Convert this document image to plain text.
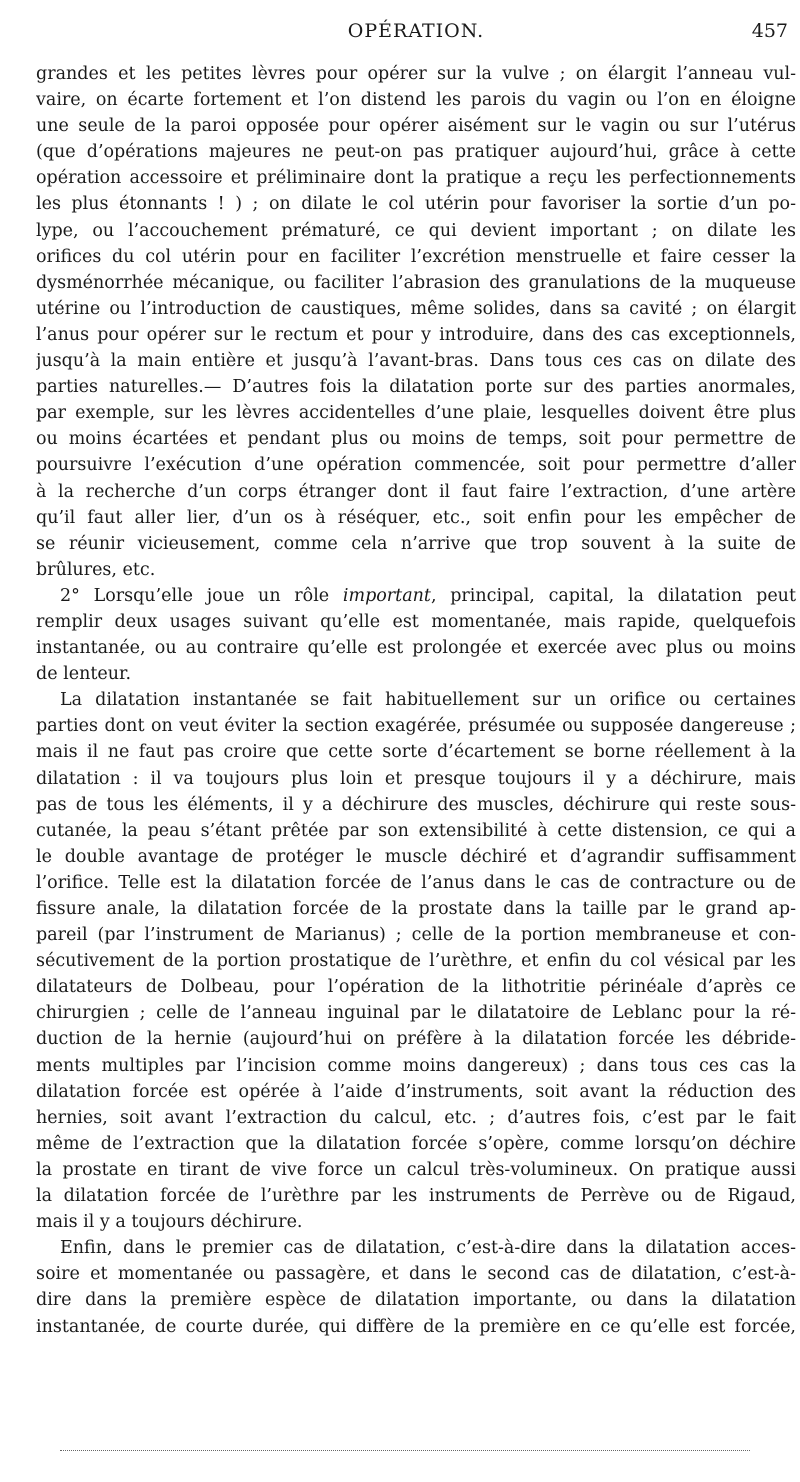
OPÉRATION.	457
grandes et les petites lèvres pour opérer sur la vulve ; on élargit l’anneau vul-
vaire, on écarte fortement et l’on distend les parois du vagin ou l’on en éloigne
une seule de la paroi opposée pour opérer aisément sur le vagin ou sur l’utérus
(que d’opérations majeures ne peut-on pas pratiquer aujourd’hui, grâce à cette
opération accessoire et préliminaire dont la pratique a reçu les perfectionnements
les plus étonnants ! ) ; on dilate le col utérin pour favoriser la sortie d’un po-
lype, ou l’accouchement prématuré, ce qui devient important ; on dilate les
orifices du col utérin pour en faciliter l’excrétion menstruelle et faire cesser la
dysménorrhée mécanique, ou faciliter l’abrasion des granulations de la muqueuse
utérine ou l’introduction de caustiques, même solides, dans sa cavité ; on élargit
l’anus pour opérer sur le rectum et pour y introduire, dans des cas exceptionnels,
jusqu’à la main entière et jusqu’à l’avant-bras. Dans tous ces cas on dilate des
parties naturelles.— D’autres fois la dilatation porte sur des parties anormales,
par exemple, sur les lèvres accidentelles d’une plaie, lesquelles doivent être plus
ou moins écartées et pendant plus ou moins de temps, soit pour permettre de
poursuivre l’exécution d’une opération commencée, soit pour permettre d’aller
à la recherche d’un corps étranger dont il faut faire l’extraction, d’une artère
qu’il faut aller lier, d’un os à réséquer, etc., soit enfin pour les empêcher de
se réunir vicieusement, comme cela n’arrive que trop souvent à la suite de
brûlures, etc.
2° Lorsqu’elle joue un rôle important, principal, capital, la dilatation peut
remplir deux usages suivant qu’elle est momentanée, mais rapide, quelquefois
instantanée, ou au contraire qu’elle est prolongée et exercée avec plus ou moins
de lenteur.
La dilatation instantanée se fait habituellement sur un orifice ou certaines
parties dont on veut éviter la section exagérée, présumée ou supposée dangereuse ;
mais il ne faut pas croire que cette sorte d’écartement se borne réellement à la
dilatation : il va toujours plus loin et presque toujours il y a déchirure, mais
pas de tous les éléments, il y a déchirure des muscles, déchirure qui reste sous-
cutanée, la peau s’étant prêtée par son extensibilité à cette distension, ce qui a
le double avantage de protéger le muscle déchiré et d’agrandir suffisamment
l’orifice. Telle est la dilatation forcée de l’anus dans le cas de contracture ou de
fissure anale, la dilatation forcée de la prostate dans la taille par le grand ap-
pareil (par l’instrument de Marianus) ; celle de la portion membraneuse et con-
sécutivement de la portion prostatique de l’urèthre, et enfin du col vésical par les
dilatateurs de Dolbeau, pour l’opération de la lithotritie périnéale d’après ce
chirurgien ; celle de l’anneau inguinal par le dilatatoire de Leblanc pour la ré-
duction de la hernie (aujourd’hui on préfère à la dilatation forcée les débride-
ments multiples par l’incision comme moins dangereux) ; dans tous ces cas la
dilatation forcée est opérée à l’aide d’instruments, soit avant la réduction des
hernies, soit avant l’extraction du calcul, etc. ; d’autres fois, c’est par le fait
même de l’extraction que la dilatation forcée s’opère, comme lorsqu’on déchire
la prostate en tirant de vive force un calcul très-volumineux. On pratique aussi
la dilatation forcée de l’urèthre par les instruments de Perrève ou de Rigaud,
mais il y a toujours déchirure.
Enfin, dans le premier cas de dilatation, c’est-à-dire dans la dilatation acces-
soire et momentanée ou passagère, et dans le second cas de dilatation, c’est-à-
dire dans la première espèce de dilatation importante, ou dans la dilatation
instantanée, de courte durée, qui diffère de la première en ce qu’elle est forcée,
